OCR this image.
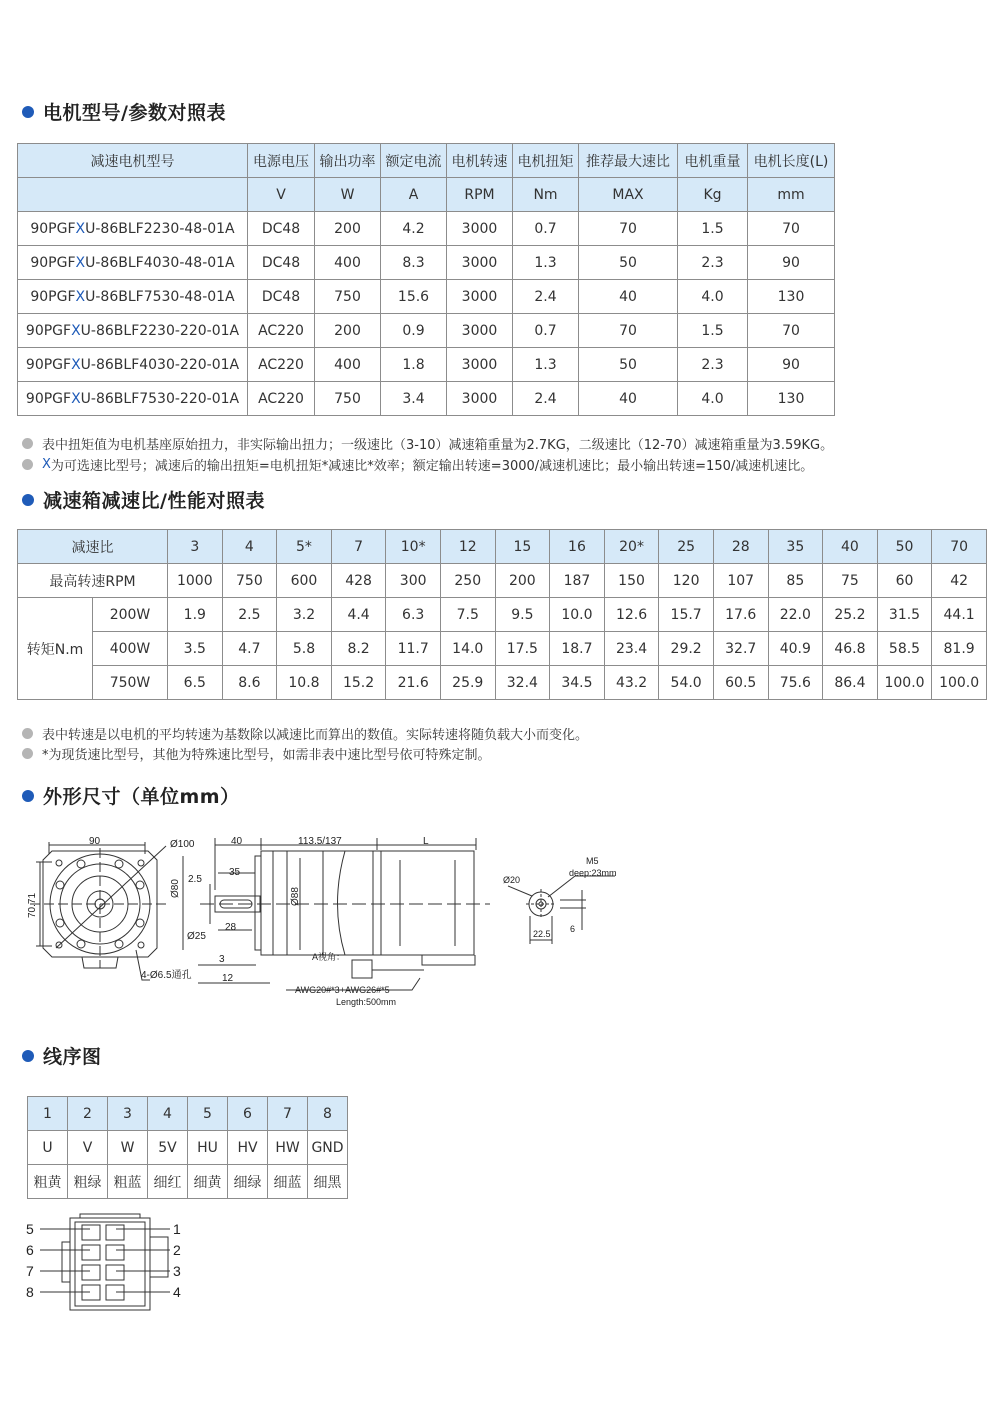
电机型号/参数对照表
减速电机型号	电源电压	输出功率	额定电流	电机转速	电机扭矩	推荐最大速比	电机重量	电机长度(L)
	V	W	A	RPM	Nm	MAX	Kg	mm
90PGFXU-86BLF2230-48-01A	DC48	200	4.2	3000	0.7	70	1.5	70
90PGFXU-86BLF4030-48-01A	DC48	400	8.3	3000	1.3	50	2.3	90
90PGFXU-86BLF7530-48-01A	DC48	750	15.6	3000	2.4	40	4.0	130
90PGFXU-86BLF2230-220-01A	AC220	200	0.9	3000	0.7	70	1.5	70
90PGFXU-86BLF4030-220-01A	AC220	400	1.8	3000	1.3	50	2.3	90
90PGFXU-86BLF7530-220-01A	AC220	750	3.4	3000	2.4	40	4.0	130
表中扭矩值为电机基座原始扭力，非实际输出扭力；一级速比（3-10）减速箱重量为2.7KG，二级速比（12-70）减速箱重量为3.59KG。
X 为可选速比型号；减速后的输出扭矩=电机扭矩*减速比*效率；额定输出转速=3000/减速机速比；最小输出转速=150/减速机速比。
减速箱减速比/性能对照表
减速比		3	4	5*	7	10*	12	15	16	20*	25	28	35	40	50	70
最高转速RPM		1000	750	600	428	300	250	200	187	150	120	107	85	75	60	42
转矩N.m	200W	1.9	2.5	3.2	4.4	6.3	7.5	9.5	10.0	12.6	15.7	17.6	22.0	25.2	31.5	44.1
	400W	3.5	4.7	5.8	8.2	11.7	14.0	17.5	18.7	23.4	29.2	32.7	40.9	46.8	58.5	81.9
	750W	6.5	8.6	10.8	15.2	21.6	25.9	32.4	34.5	43.2	54.0	60.5	75.6	86.4	100.0	100.0
表中转速是以电机的平均转速为基数除以减速比而算出的数值。实际转速将随负载大小而变化。
*为现货速比型号，其他为特殊速比型号，如需非表中速比型号依可特殊定制。
外形尺寸（单位mm）
90	Ø100
70.71
4-Ø6.5通孔
40	113.5/137	L
35
2.5
Ø80	Ø88
Ø25
28
3
12
A视角：
AWG20#*3+AWG26#*5
Length:500mm
Ø20
M5
deep:23mm
22.5 6
线序图
1	2	3	4	5	6	7	8
U	V	W	5V	HU	HV	HW	GND
粗黄	粗绿	粗蓝	细红	细黄	细绿	细蓝	细黑
5
6
7
8
1
2
3
4
